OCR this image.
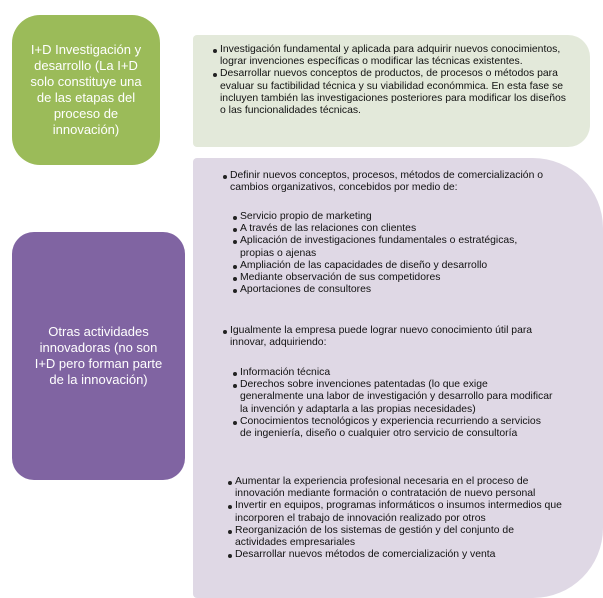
I+D Investigación y desarrollo (La I+D solo constituye una de las etapas del proceso de innovación)
Investigación fundamental y aplicada para adquirir nuevos conocimientos, lograr invenciones específicas o modificar las técnicas existentes.
Desarrollar nuevos conceptos de productos, de procesos o métodos para evaluar su factibilidad técnica y su viabilidad económmica. En esta fase se incluyen también las investigaciones posteriores para modificar los diseños o las funcionalidades técnicas.
Otras actividades innovadoras (no son I+D pero forman parte de la innovación)
Definir nuevos conceptos, procesos, métodos de comercialización o cambios organizativos, concebidos por medio de:
Servicio propio de marketing
A través de las relaciones con clientes
Aplicación de investigaciones fundamentales o estratégicas, propias o ajenas
Ampliación de las capacidades de diseño y desarrollo
Mediante observación de sus competidores
Aportaciones de consultores
Igualmente la empresa puede lograr nuevo conocimiento útil para innovar, adquiriendo:
Información técnica
Derechos sobre invenciones patentadas (lo que exige generalmente una labor de investigación y desarrollo para modificar la invención y adaptarla a las propias necesidades)
Conocimientos tecnológicos y experiencia recurriendo a servicios de ingeniería, diseño o cualquier otro servicio de consultoría
Aumentar la experiencia profesional necesaria en el proceso de innovación mediante formación o contratación de nuevo personal
Invertir en equipos, programas informáticos o insumos intermedios que incorporen el trabajo de innovación realizado por otros
Reorganización de los sistemas de gestión y del conjunto de actividades empresariales
Desarrollar nuevos métodos de comercialización y venta
